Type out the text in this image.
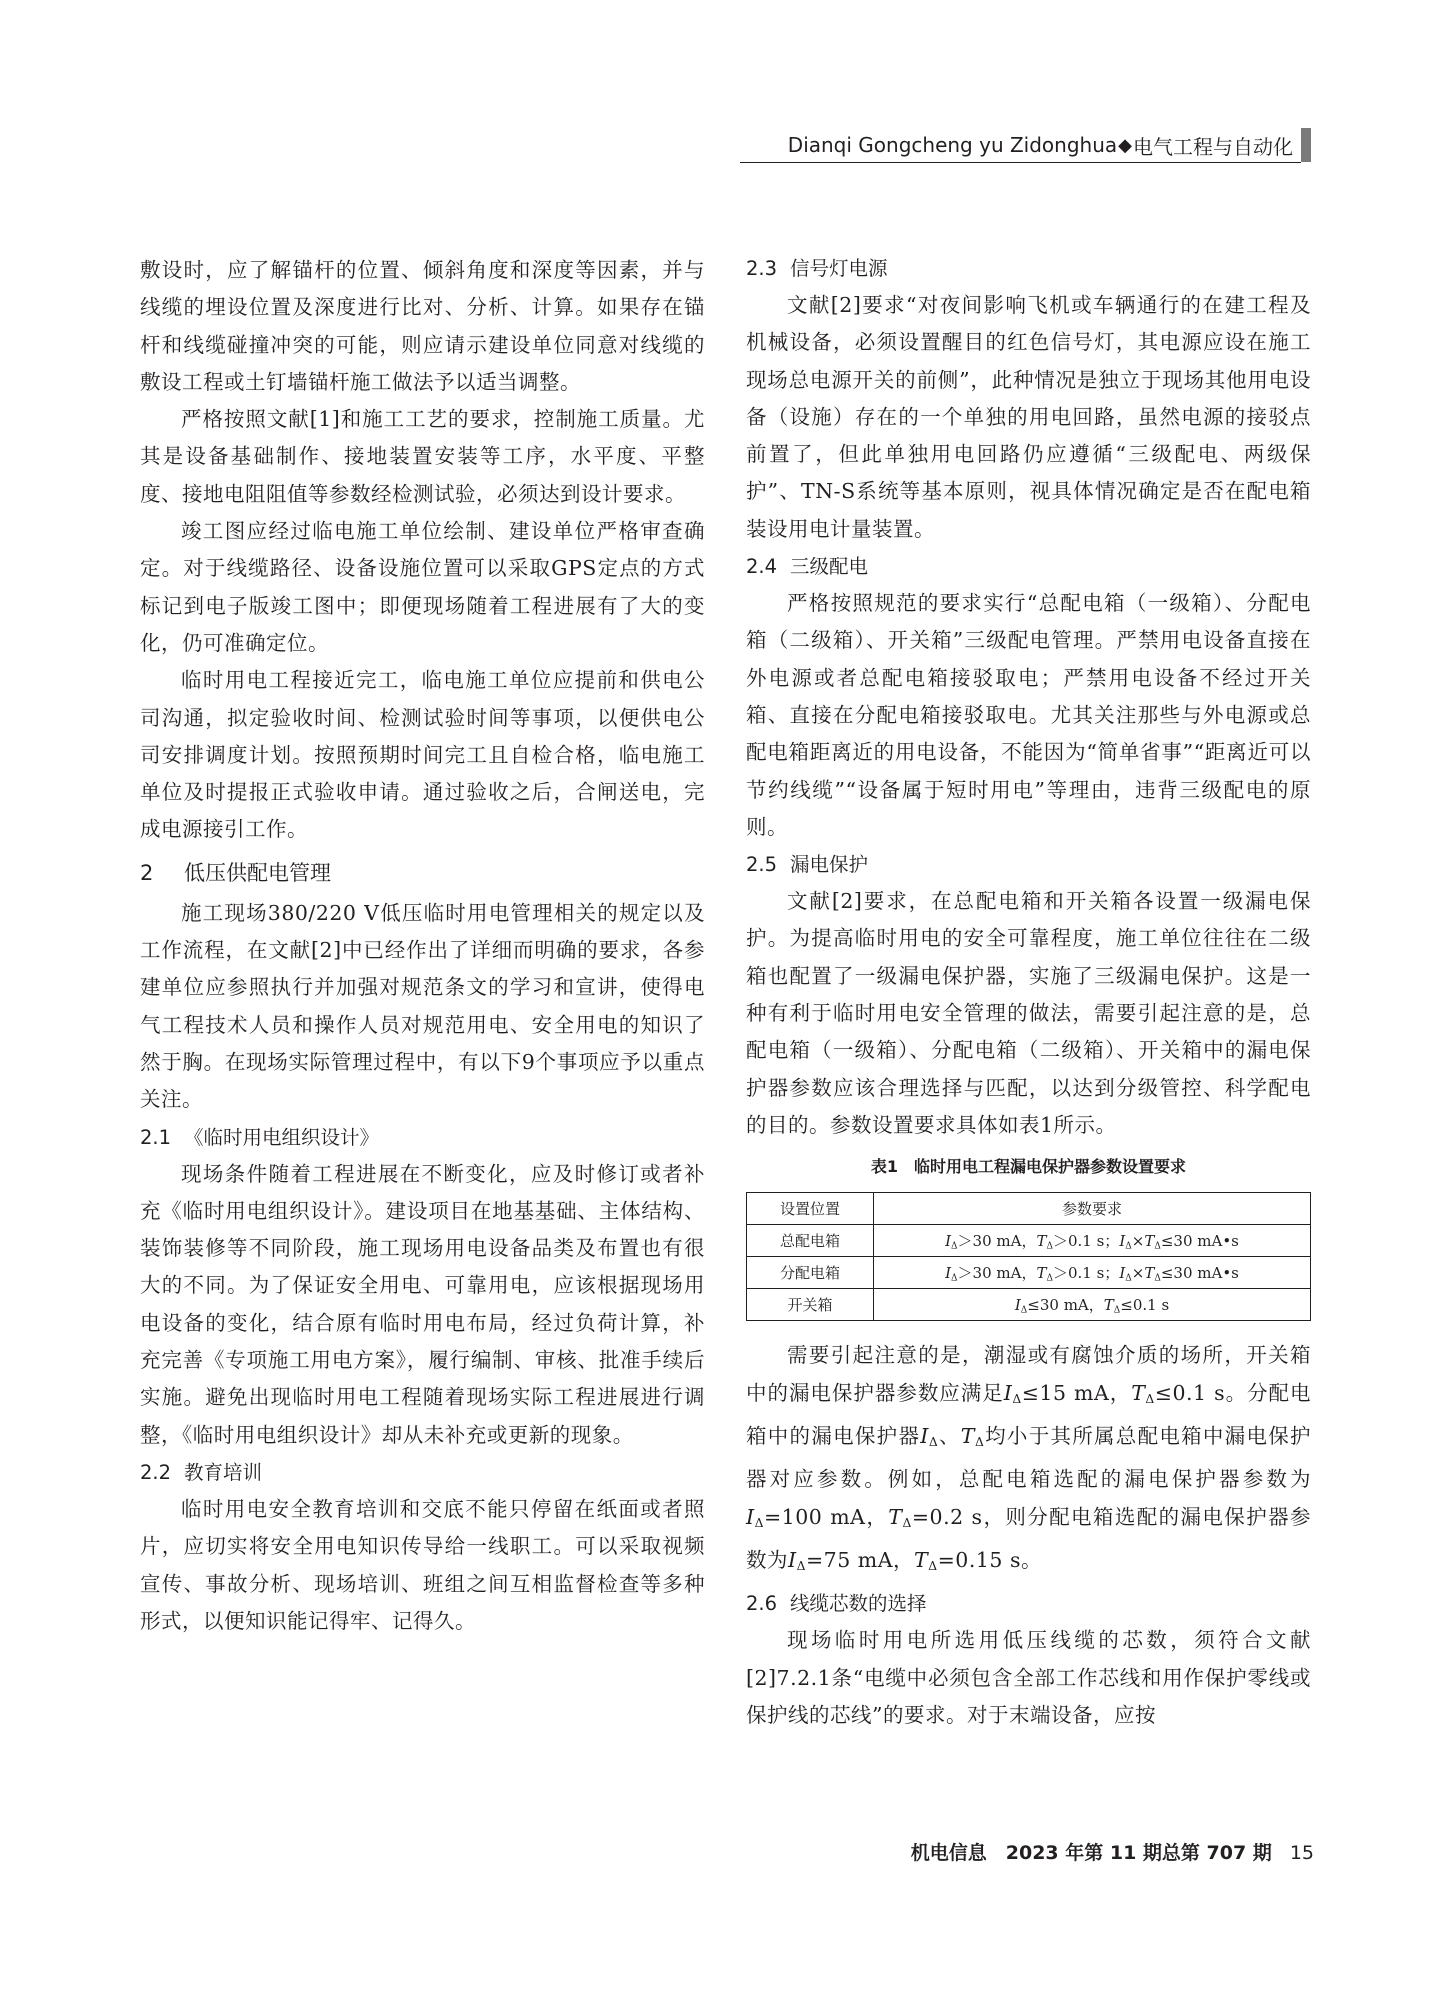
Dianqi Gongcheng yu Zidonghua ◆ 电气工程与自动化

敷设时，应了解锚杆的位置、倾斜角度和深度等因素，并与线缆的埋设位置及深度进行比对、分析、计算。如果存在锚杆和线缆碰撞冲突的可能，则应请示建设单位同意对线缆的敷设工程或土钉墙锚杆施工做法予以适当调整。

严格按照文献[1]和施工工艺的要求，控制施工质量。尤其是设备基础制作、接地装置安装等工序，水平度、平整度、接地电阻阻值等参数经检测试验，必须达到设计要求。

竣工图应经过临电施工单位绘制、建设单位严格审查确定。对于线缆路径、设备设施位置可以采取GPS定点的方式标记到电子版竣工图中；即便现场随着工程进展有了大的变化，仍可准确定位。

临时用电工程接近完工，临电施工单位应提前和供电公司沟通，拟定验收时间、检测试验时间等事项，以便供电公司安排调度计划。按照预期时间完工且自检合格，临电施工单位及时提报正式验收申请。通过验收之后，合闸送电，完成电源接引工作。

2 低压供配电管理

施工现场380/220 V低压临时用电管理相关的规定以及工作流程，在文献[2]中已经作出了详细而明确的要求，各参建单位应参照执行并加强对规范条文的学习和宣讲，使得电气工程技术人员和操作人员对规范用电、安全用电的知识了然于胸。在现场实际管理过程中，有以下9个事项应予以重点关注。

2.1 《临时用电组织设计》

现场条件随着工程进展在不断变化，应及时修订或者补充《临时用电组织设计》。建设项目在地基基础、主体结构、装饰装修等不同阶段，施工现场用电设备品类及布置也有很大的不同。为了保证安全用电、可靠用电，应该根据现场用电设备的变化，结合原有临时用电布局，经过负荷计算，补充完善《专项施工用电方案》，履行编制、审核、批准手续后实施。避免出现临时用电工程随着现场实际工程进展进行调整，《临时用电组织设计》却从未补充或更新的现象。

2.2 教育培训

临时用电安全教育培训和交底不能只停留在纸面或者照片，应切实将安全用电知识传导给一线职工。可以采取视频宣传、事故分析、现场培训、班组之间互相监督检查等多种形式，以便知识能记得牢、记得久。

2.3 信号灯电源

文献[2]要求“对夜间影响飞机或车辆通行的在建工程及机械设备，必须设置醒目的红色信号灯，其电源应设在施工现场总电源开关的前侧”，此种情况是独立于现场其他用电设备（设施）存在的一个单独的用电回路，虽然电源的接驳点前置了，但此单独用电回路仍应遵循“三级配电、两级保护”、TN-S系统等基本原则，视具体情况确定是否在配电箱装设用电计量装置。

2.4 三级配电

严格按照规范的要求实行“总配电箱（一级箱）、分配电箱（二级箱）、开关箱”三级配电管理。严禁用电设备直接在外电源或者总配电箱接驳取电；严禁用电设备不经过开关箱、直接在分配电箱接驳取电。尤其关注那些与外电源或总配电箱距离近的用电设备，不能因为“简单省事”“距离近可以节约线缆”“设备属于短时用电”等理由，违背三级配电的原则。

2.5 漏电保护

文献[2]要求，在总配电箱和开关箱各设置一级漏电保护。为提高临时用电的安全可靠程度，施工单位往往在二级箱也配置了一级漏电保护器，实施了三级漏电保护。这是一种有利于临时用电安全管理的做法，需要引起注意的是，总配电箱（一级箱）、分配电箱（二级箱）、开关箱中的漏电保护器参数应该合理选择与匹配，以达到分级管控、科学配电的目的。参数设置要求具体如表1所示。

表1　临时用电工程漏电保护器参数设置要求
设置位置	参数要求
总配电箱	$I_\Delta>30$ mA，$T_\Delta>0.1$ s；$I_\Delta\times T_\Delta\le 30$ mA•s
分配电箱	$I_\Delta>30$ mA，$T_\Delta>0.1$ s；$I_\Delta\times T_\Delta\le 30$ mA•s
开关箱	$I_\Delta\le 30$ mA，$T_\Delta\le 0.1$ s

需要引起注意的是，潮湿或有腐蚀介质的场所，开关箱中的漏电保护器参数应满足$I_\Delta\le 15$ mA，$T_\Delta\le 0.1$ s。分配电箱中的漏电保护器$I_\Delta$、$T_\Delta$均小于其所属总配电箱中漏电保护器对应参数。例如，总配电箱选配的漏电保护器参数为$I_\Delta=100$ mA，$T_\Delta=0.2$ s，则分配电箱选配的漏电保护器参数为$I_\Delta=75$ mA，$T_\Delta=0.15$ s。

2.6 线缆芯数的选择

现场临时用电所选用低压线缆的芯数，须符合文献[2]7.2.1条“电缆中必须包含全部工作芯线和用作保护零线或保护线的芯线”的要求。对于末端设备，应按

机电信息　2023 年第 11 期总第 707 期 15
